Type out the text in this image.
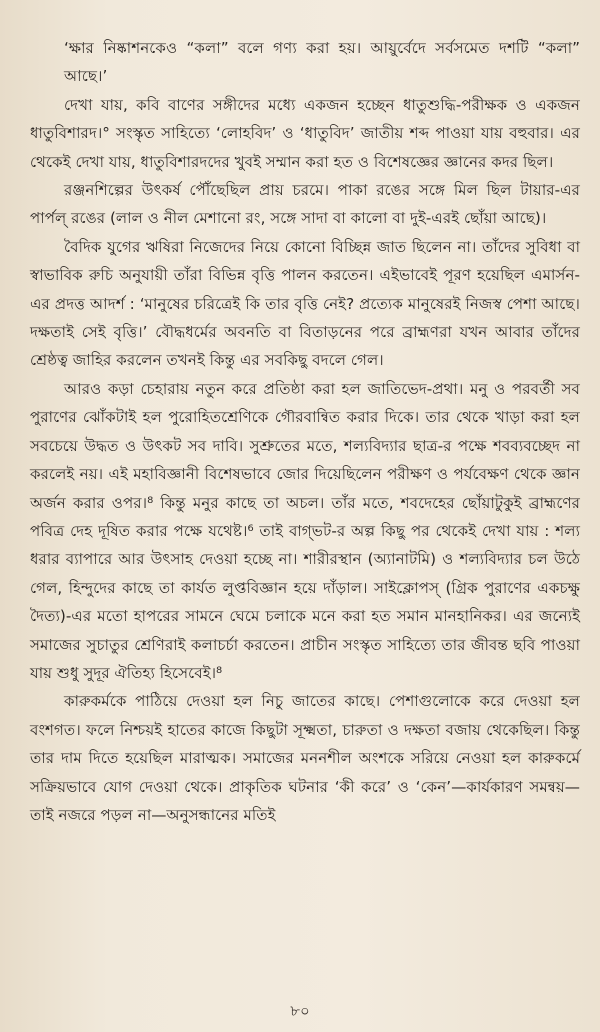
‘ক্ষার নিষ্কাশনকেও “কলা” বলে গণ্য করা হয়। আয়ুর্বেদে সর্বসমেত দশটি “কলা” আছে।’

দেখা যায়, কবি বাণের সঙ্গীদের মধ্যে একজন হচ্ছেন ধাতুশুদ্ধি-পরীক্ষক ও একজন ধাতুবিশারদ।° সংস্কৃত সাহিত্যে ‘লোহবিদ’ ও ‘ধাতুবিদ’ জাতীয় শব্দ পাওয়া যায় বহুবার। এর থেকেই দেখা যায়, ধাতুবিশারদদের খুবই সম্মান করা হত ও বিশেষজ্ঞের জ্ঞানের কদর ছিল।

রঞ্জনশিল্পের উৎকর্ষ পৌঁছেছিল প্রায় চরমে। পাকা রঙের সঙ্গে মিল ছিল টায়ার-এর পার্পল্ রঙের (লাল ও নীল মেশানো রং, সঙ্গে সাদা বা কালো বা দুই-এরই ছোঁয়া আছে)।

বৈদিক যুগের ঋষিরা নিজেদের নিয়ে কোনো বিচ্ছিন্ন জাত ছিলেন না। তাঁদের সুবিধা বা স্বাভাবিক রুচি অনুযায়ী তাঁরা বিভিন্ন বৃত্তি পালন করতেন। এইভাবেই পূরণ হয়েছিল এমার্সন-এর প্রদত্ত আদর্শ : ‘মানুষের চরিত্রেই কি তার বৃত্তি নেই? প্রত্যেক মানুষেরই নিজস্ব পেশা আছে। দক্ষতাই সেই বৃত্তি।’ বৌদ্ধধর্মের অবনতি বা বিতাড়নের পরে ব্রাহ্মণরা যখন আবার তাঁদের শ্রেষ্ঠত্ব জাহির করলেন তখনই কিন্তু এর সবকিছু বদলে গেল।

আরও কড়া চেহারায় নতুন করে প্রতিষ্ঠা করা হল জাতিভেদ-প্রথা। মনু ও পরবর্তী সব পুরাণের ঝোঁকটাই হল পুরোহিতশ্রেণিকে গৌরবান্বিত করার দিকে। তার থেকে খাড়া করা হল সবচেয়ে উদ্ধত ও উৎকট সব দাবি। সুশ্রুতের মতে, শল্যবিদ্যার ছাত্র-র পক্ষে শবব্যবচ্ছেদ না করলেই নয়। এই মহাবিজ্ঞানী বিশেষভাবে জোর দিয়েছিলেন পরীক্ষণ ও পর্যবেক্ষণ থেকে জ্ঞান অর্জন করার ওপর।⁸ কিন্তু মনুর কাছে তা অচল। তাঁর মতে, শবদেহের ছোঁয়াটুকুই ব্রাহ্মণের পবিত্র দেহ দূষিত করার পক্ষে যথেষ্ট।⁶ তাই বাগ্‌ভট-র অল্প কিছু পর থেকেই দেখা যায় : শল্য ধরার ব্যাপারে আর উৎসাহ দেওয়া হচ্ছে না। শারীরস্থান (অ্যানাটমি) ও শল্যবিদ্যার চল উঠে গেল, হিন্দুদের কাছে তা কার্যত লুপ্তবিজ্ঞান হয়ে দাঁড়াল। সাইক্লোপস্ (গ্রিক পুরাণের একচক্ষু দৈত্য)-এর মতো হাপরের সামনে ঘেমে চলাকে মনে করা হত সমান মানহানিকর। এর জন্যেই সমাজের সুচাতুর শ্রেণিরাই কলাচর্চা করতেন। প্রাচীন সংস্কৃত সাহিত্যে তার জীবন্ত ছবি পাওয়া যায় শুধু সুদূর ঐতিহ্য হিসেবেই।⁸

কারুকর্মকে পাঠিয়ে দেওয়া হল নিচু জাতের কাছে। পেশাগুলোকে করে দেওয়া হল বংশগত। ফলে নিশ্চয়ই হাতের কাজে কিছুটা সূক্ষ্মতা, চারুতা ও দক্ষতা বজায় থেকেছিল। কিন্তু তার দাম দিতে হয়েছিল মারাত্মক। সমাজের মননশীল অংশকে সরিয়ে নেওয়া হল কারুকর্মে সক্রিয়ভাবে যোগ দেওয়া থেকে। প্রাকৃতিক ঘটনার ‘কী করে’ ও ‘কেন’—কার্যকারণ সমন্বয়—তাই নজরে পড়ল না—অনুসন্ধানের মতিই

৮০
